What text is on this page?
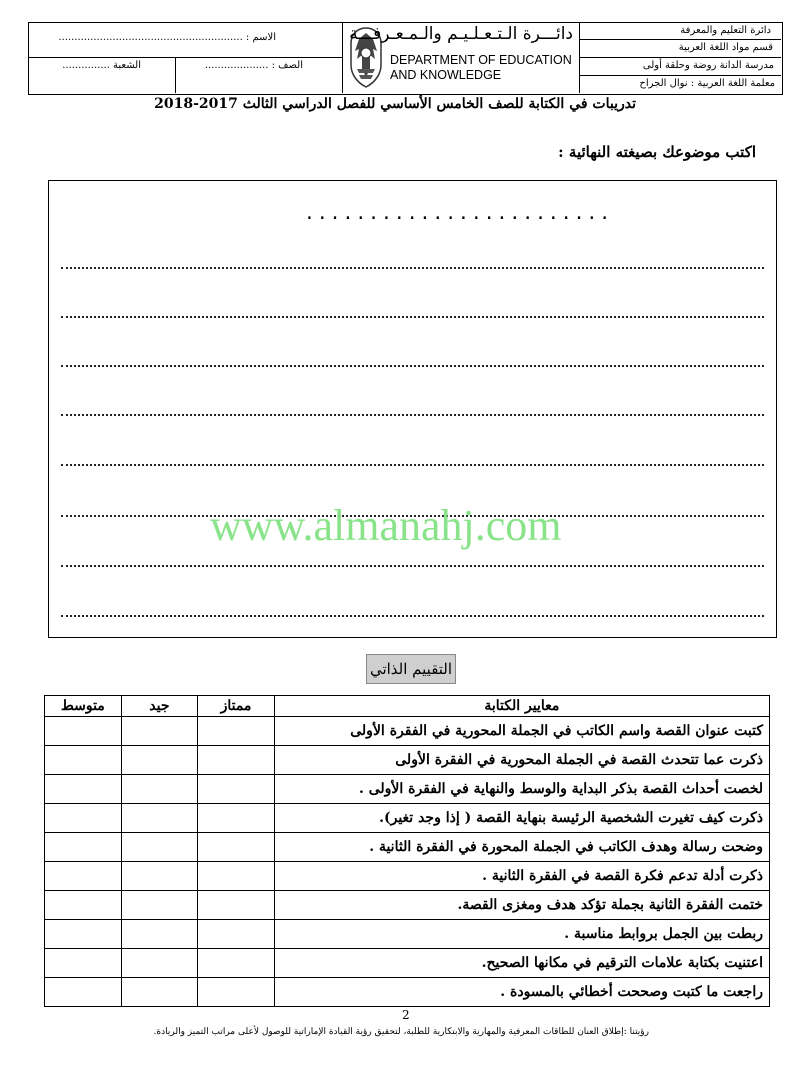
دائرة التعليم والمعرفة
قسم مواد اللغة العربية
مدرسة الدانة روضة وحلقة أولى
معلمة اللغة العربية : نوال الجراح
دائـــرة الـتـعـلـيـم والـمـعـرفـــة
DEPARTMENT OF EDUCATION
AND KNOWLEDGE
الاسم : ..........................................................
الصف : ....................
الشعبة ...............
تدريبات في الكتابة للصف الخامس الأساسي للفصل الدراسي الثالث 2017-2018
اكتب موضوعك بصيغته النهائية :
........................
www.almanahj.com
التقييم الذاتي
معايير الكتابة	ممتاز	جيد	متوسط
كتبت عنوان القصة واسم الكاتب في الجملة المحورية في الفقرة الأولى			
ذكرت عما تتحدث القصة في الجملة المحورية في الفقرة الأولى			
لخصت أحداث القصة بذكر البداية والوسط والنهاية في الفقرة الأولى .			
ذكرت كيف تغيرت الشخصية الرئيسة بنهاية القصة ( إذا وجد تغير).			
وضحت رسالة وهدف الكاتب في الجملة المحورة في الفقرة الثانية .			
ذكرت أدلة تدعم فكرة القصة في الفقرة الثانية .			
ختمت الفقرة الثانية بجملة تؤكد هدف ومغزى القصة.			
ربطت بين الجمل بروابط مناسبة .			
اعتنيت بكتابة علامات الترقيم في مكانها الصحيح.			
راجعت ما كتبت وصححت أخطائي بالمسودة .			
2
رؤيتنا :إطلاق العنان للطاقات المعرفية والمهارية والابتكارية للطلبة، لتحقيق رؤية القيادة الإماراتية للوصول لأعلى مراتب التميز والريادة.
